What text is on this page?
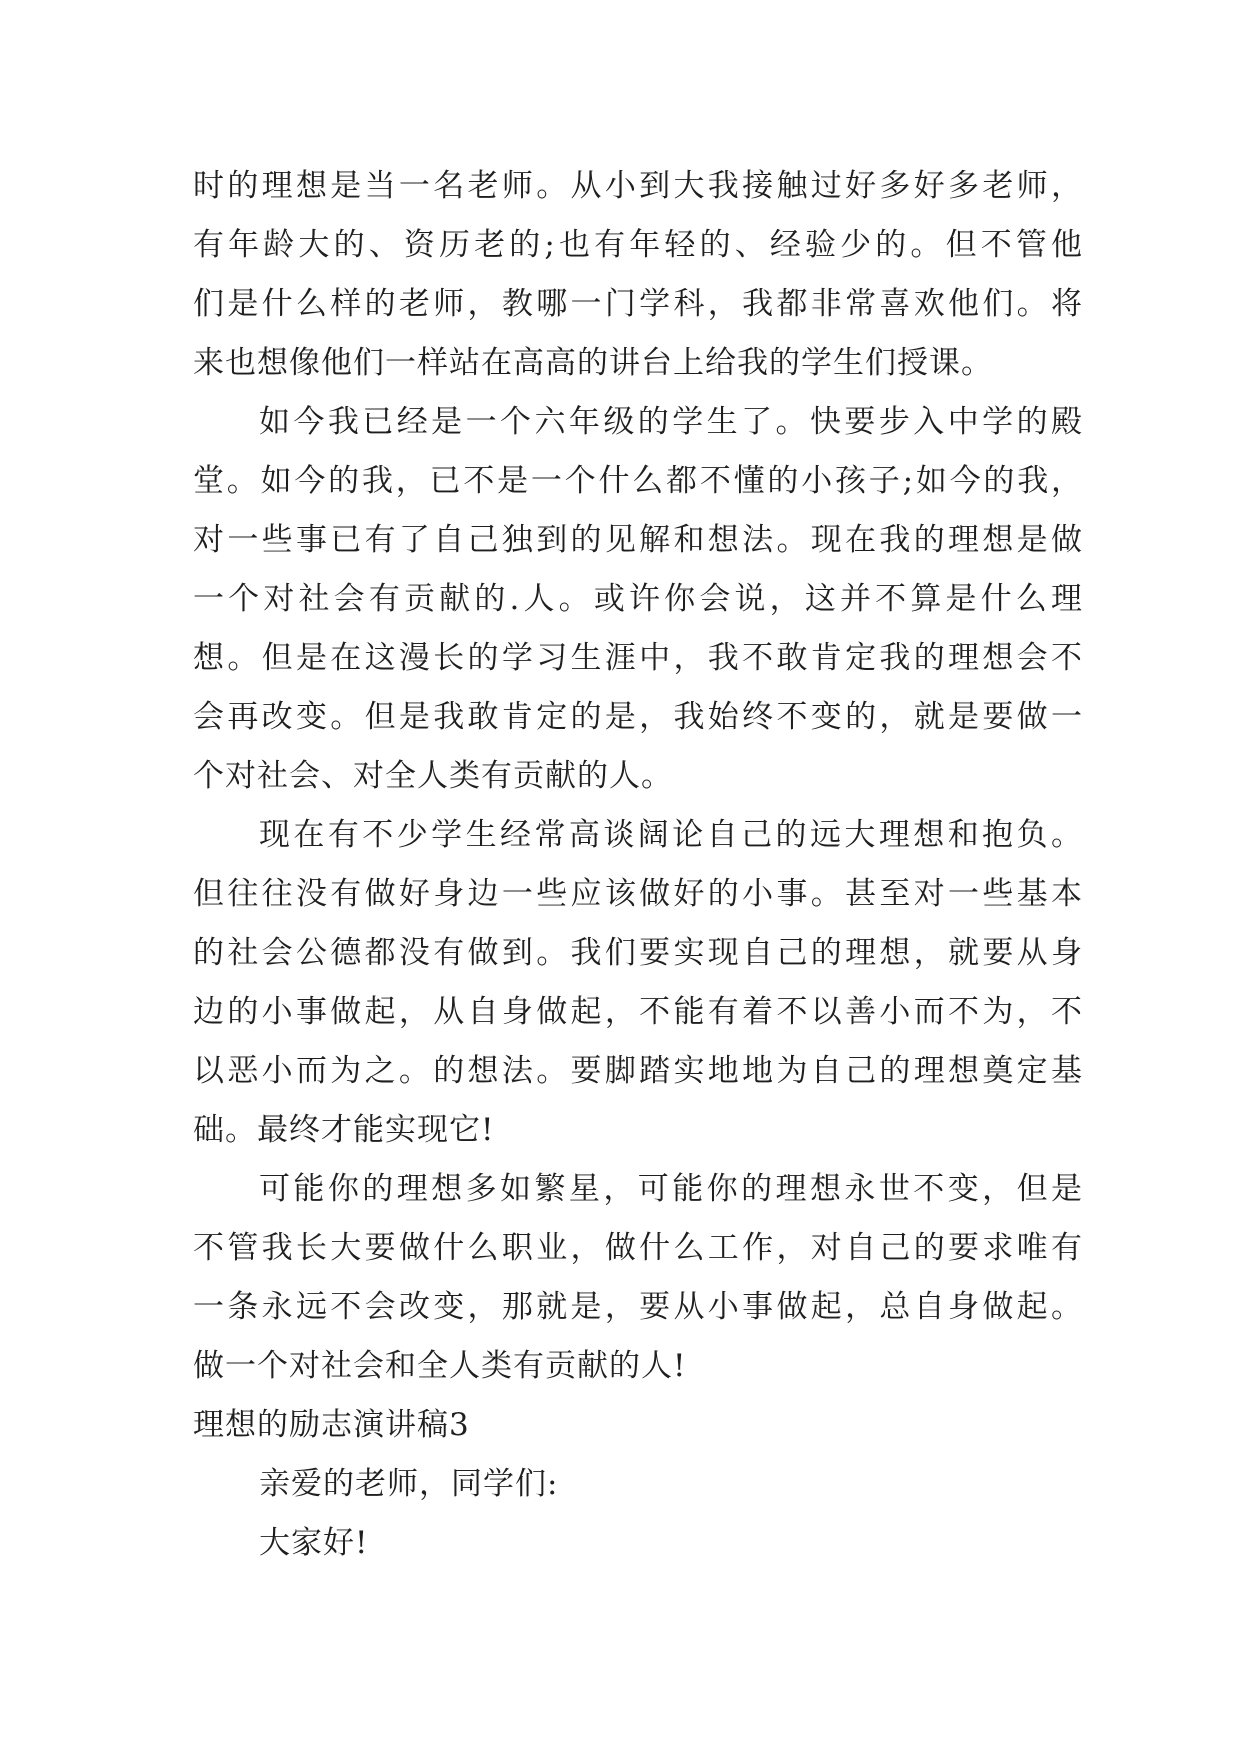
时的理想是当一名老师。从小到大我接触过好多好多老师，
有年龄大的、资历老的;也有年轻的、经验少的。但不管他
们是什么样的老师，教哪一门学科，我都非常喜欢他们。将
来也想像他们一样站在高高的讲台上给我的学生们授课。
如今我已经是一个六年级的学生了。快要步入中学的殿
堂。如今的我，已不是一个什么都不懂的小孩子;如今的我，
对一些事已有了自己独到的见解和想法。现在我的理想是做
一个对社会有贡献的.人。或许你会说，这并不算是什么理
想。但是在这漫长的学习生涯中，我不敢肯定我的理想会不
会再改变。但是我敢肯定的是，我始终不变的，就是要做一
个对社会、对全人类有贡献的人。
现在有不少学生经常高谈阔论自己的远大理想和抱负。
但往往没有做好身边一些应该做好的小事。甚至对一些基本
的社会公德都没有做到。我们要实现自己的理想，就要从身
边的小事做起，从自身做起，不能有着不以善小而不为，不
以恶小而为之。的想法。要脚踏实地地为自己的理想奠定基
础。最终才能实现它!
可能你的理想多如繁星，可能你的理想永世不变，但是
不管我长大要做什么职业，做什么工作，对自己的要求唯有
一条永远不会改变，那就是，要从小事做起，总自身做起。
做一个对社会和全人类有贡献的人!
理想的励志演讲稿3
亲爱的老师，同学们:
大家好!
